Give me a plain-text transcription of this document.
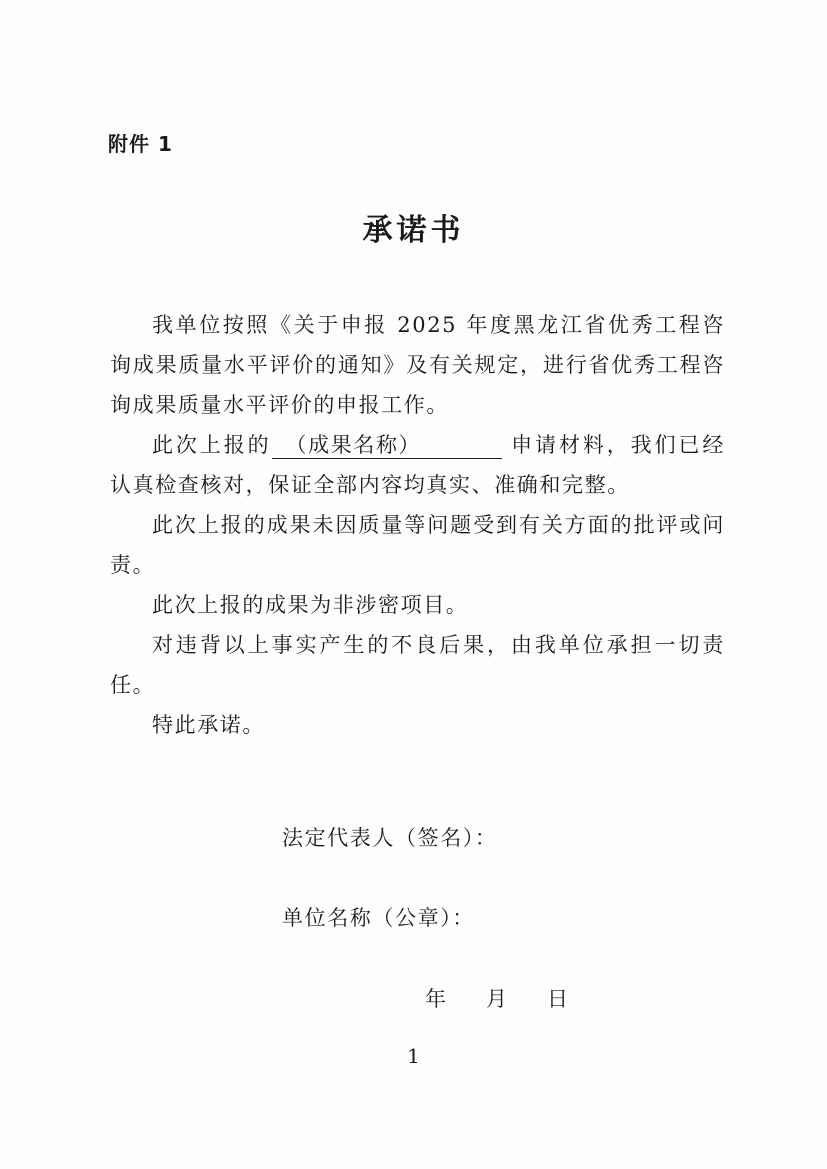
附件 1
承诺书

我单位按照《关于申报 2025 年度黑龙江省优秀工程咨询成果质量水平评价的通知》及有关规定，进行省优秀工程咨询成果质量水平评价的申报工作。

此次上报的 （成果名称）	申请材料，我们已经认真检查核对，保证全部内容均真实、准确和完整。

此次上报的成果未因质量等问题受到有关方面的批评或问责。

此次上报的成果为非涉密项目。

对违背以上事实产生的不良后果，由我单位承担一切责任。

特此承诺。

法定代表人（签名）：
单位名称（公章）：
年 月 日
1
